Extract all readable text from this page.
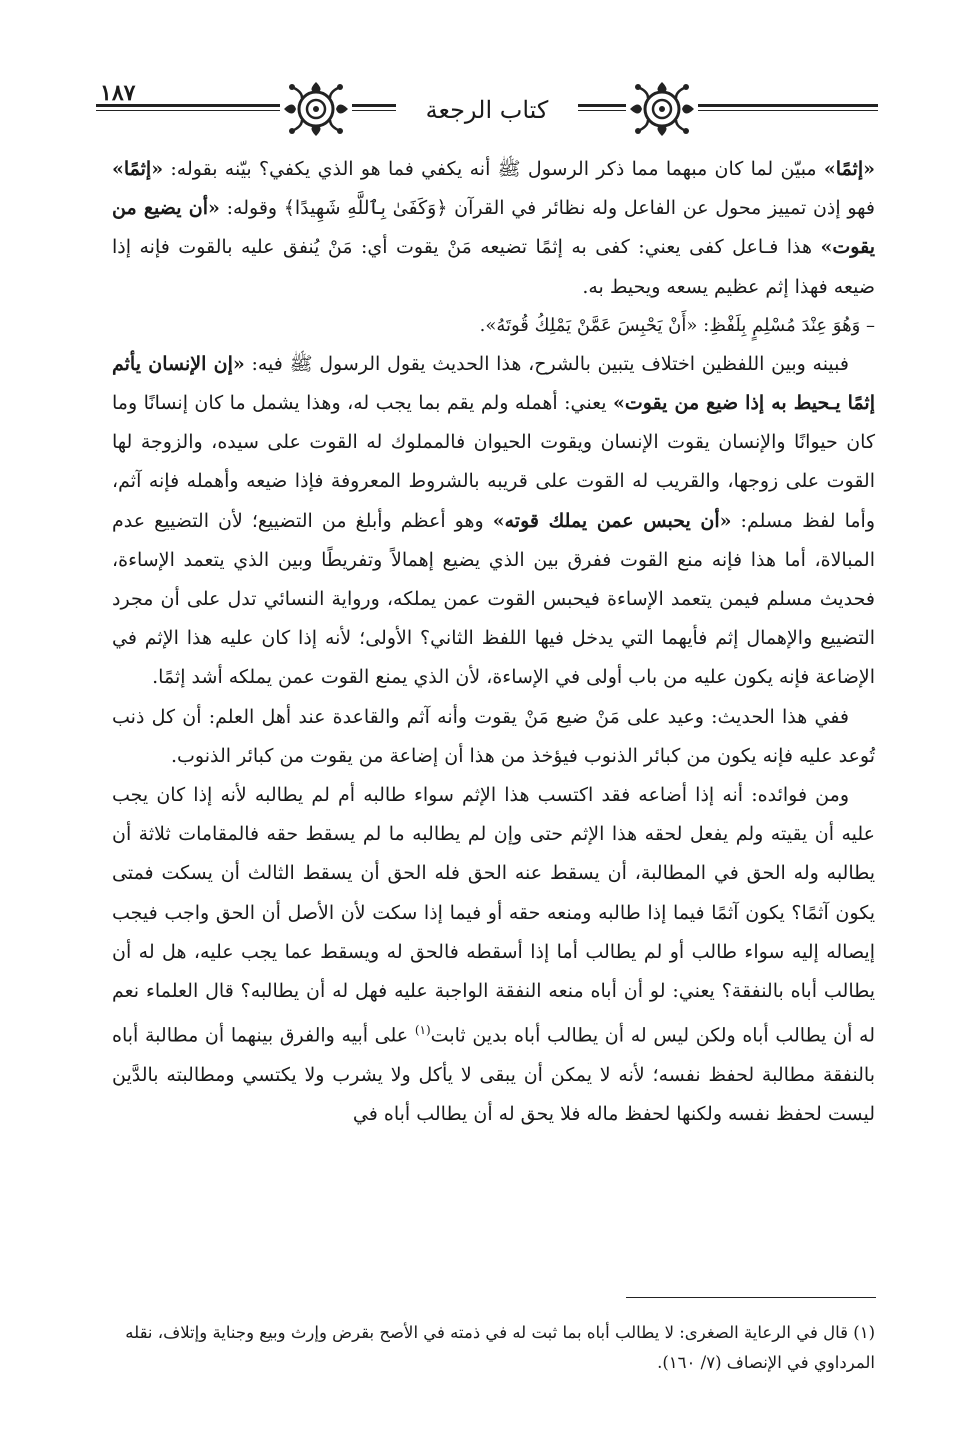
١٨٧
كتاب الرجعة

«إثمًا» مبيّن لما كان مبهما مما ذكر الرسول ﷺ أنه يكفي فما هو الذي يكفي؟ بيّنه بقوله: «إثمًا» فهو إذن تمييز محول عن الفاعل وله نظائر في القرآن ﴿وَكَفَىٰ بِٱللَّهِ شَهِيدًا﴾ وقوله: «أن يضيع من يقوت» هذا فـاعل كفى يعني: كفى به إثمًا تضيعه مَنْ يقوت أي: مَنْ يُنفق عليه بالقوت فإنه إذا ضيعه فهذا إثم عظيم يسعه ويحيط به.

– وَهُوَ عِنْدَ مُسْلِمٍ بِلَفْظِ: «أَنْ يَحْبِسَ عَمَّنْ يَمْلِكُ قُوتَهُ».

فبينه وبين اللفظين اختلاف يتبين بالشرح، هذا الحديث يقول الرسول ﷺ فيه: «إن الإنسان يأثم إثمًا يـحيط به إذا ضيع من يقوت» يعني: أهمله ولم يقم بما يجب له، وهذا يشمل ما كان إنسانًا وما كان حيوانًا والإنسان يقوت الإنسان ويقوت الحيوان فالمملوك له القوت على سيده، والزوجة لها القوت على زوجها، والقريب له القوت على قريبه بالشروط المعروفة فإذا ضيعه وأهمله فإنه آثم، وأما لفظ مسلم: «أن يحبس عمن يملك قوته» وهو أعظم وأبلغ من التضييع؛ لأن التضييع عدم المبالاة، أما هذا فإنه منع القوت ففرق بين الذي يضيع إهمالاً وتفريطًا وبين الذي يتعمد الإساءة، فحديث مسلم فيمن يتعمد الإساءة فيحبس القوت عمن يملكه، ورواية النسائي تدل على أن مجرد التضييع والإهمال إثم فأيهما التي يدخل فيها اللفظ الثاني؟ الأولى؛ لأنه إذا كان عليه هذا الإثم في الإضاعة فإنه يكون عليه من باب أولى في الإساءة، لأن الذي يمنع القوت عمن يملكه أشد إثمًا.

ففي هذا الحديث: وعيد على مَنْ ضيع مَنْ يقوت وأنه آثم والقاعدة عند أهل العلم: أن كل ذنب تُوعد عليه فإنه يكون من كبائر الذنوب فيؤخذ من هذا أن إضاعة من يقوت من كبائر الذنوب.

ومن فوائده: أنه إذا أضاعه فقد اكتسب هذا الإثم سواء طالبه أم لم يطالبه لأنه إذا كان يجب عليه أن يقيته ولم يفعل لحقه هذا الإثم حتى وإن لم يطالبه ما لم يسقط حقه فالمقامات ثلاثة أن يطالبه وله الحق في المطالبة، أن يسقط عنه الحق فله الحق أن يسقط الثالث أن يسكت فمتى يكون آثمًا؟ يكون آثمًا فيما إذا طالبه ومنعه حقه أو فيما إذا سكت لأن الأصل أن الحق واجب فيجب إيصاله إليه سواء طالب أو لم يطالب أما إذا أسقطه فالحق له ويسقط عما يجب عليه، هل له أن يطالب أباه بالنفقة؟ يعني: لو أن أباه منعه النفقة الواجبة عليه فهل له أن يطالبه؟ قال العلماء نعم له أن يطالب أباه ولكن ليس له أن يطالب أباه بدين ثابت$^{(١)}$ على أبيه والفرق بينهما أن مطالبة أباه بالنفقة مطالبة لحفظ نفسه؛ لأنه لا يمكن أن يبقى لا يأكل ولا يشرب ولا يكتسي ومطالبته بالدَّين ليست لحفظ نفسه ولكنها لحفظ ماله فلا يحق له أن يطالب أباه في

(١) قال في الرعاية الصغرى: لا يطالب أباه بما ثبت له في ذمته في الأصح بقرض وإرث وبيع وجناية وإتلاف، نقله المرداوي في الإنصاف (٧/ ١٦٠).
